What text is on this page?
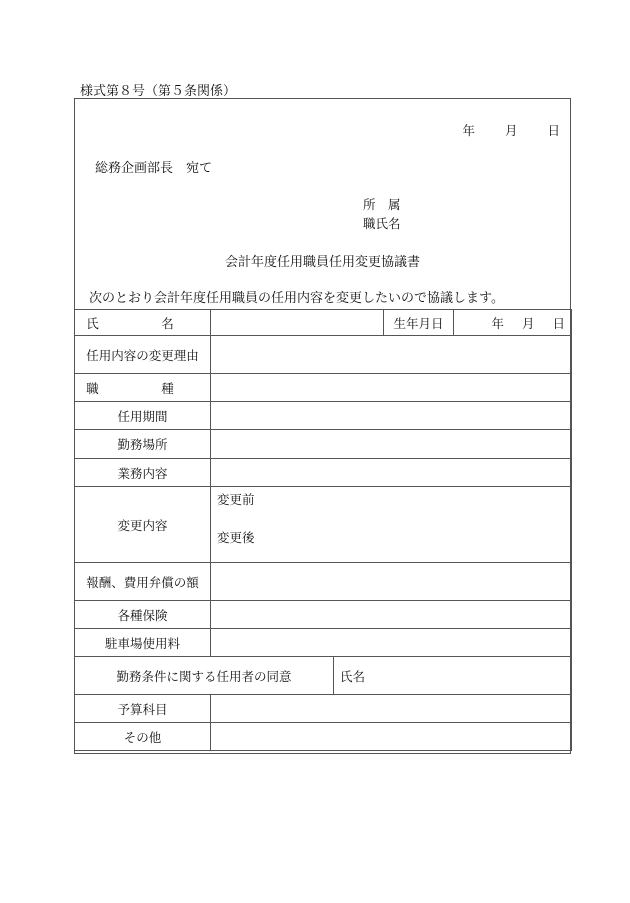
様式第８号（第５条関係）
年 月 日
総務企画部長　宛て
所　属
職氏名
会計年度任用職員任用変更協議書
次のとおり会計年度任用職員の任用内容を変更したいので協議します。
氏　名			生年月日	年 月 日
任用内容の変更理由				
職　種				
任用期間				
勤務場所				
業務内容				
変更内容	変更前
変更後			

報酬、費用弁償の額				
各種保険				
駐車場使用料				
勤務条件に関する任用者の同意		氏名		
予算科目				
その他				
